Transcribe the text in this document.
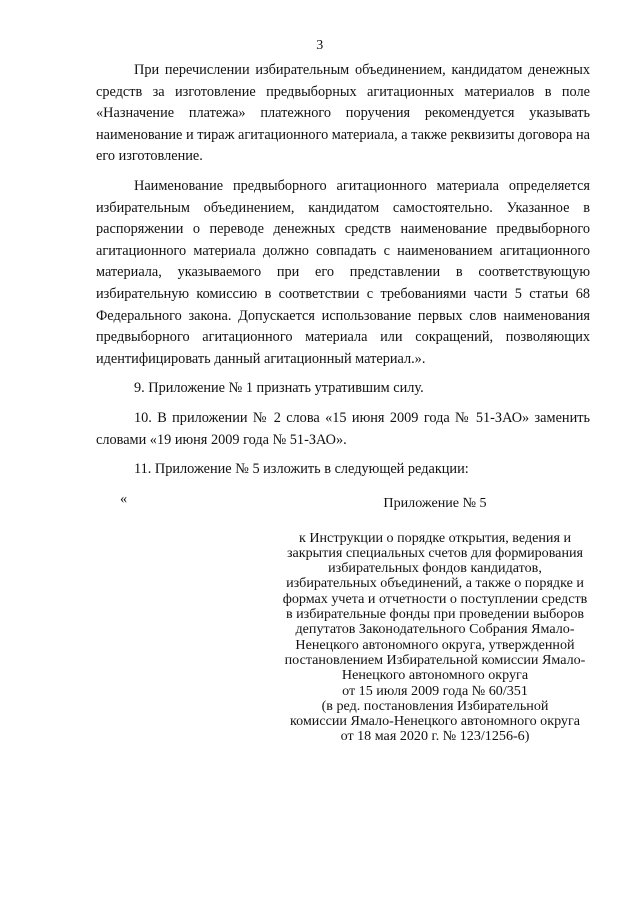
3

При перечислении избирательным объединением, кандидатом денежных средств за изготовление предвыборных агитационных материалов в поле «Назначение платежа» платежного поручения рекомендуется указывать наименование и тираж агитационного материала, а также реквизиты договора на его изготовление.

Наименование предвыборного агитационного материала определяется избирательным объединением, кандидатом самостоятельно. Указанное в распоряжении о переводе денежных средств наименование предвыборного агитационного материала должно совпадать с наименованием агитационного материала, указываемого при его представлении в соответствующую избирательную комиссию в соответствии с требованиями части 5 статьи 68 Федерального закона. Допускается использование первых слов наименования предвыборного агитационного материала или сокращений, позволяющих идентифицировать данный агитационный материал.».

9. Приложение № 1 признать утратившим силу.

10. В приложении № 2 слова «15 июня 2009 года № 51-ЗАО» заменить словами «19 июня 2009 года № 51-ЗАО».

11. Приложение № 5 изложить в следующей редакции:

«	Приложение № 5

к Инструкции о порядке открытия, ведения и
закрытия специальных счетов для формирования
избирательных фондов кандидатов,
избирательных объединений, а также о порядке и
формах учета и отчетности о поступлении средств
в избирательные фонды при проведении выборов
депутатов Законодательного Собрания Ямало-
Ненецкого автономного округа, утвержденной
постановлением Избирательной комиссии Ямало-
Ненецкого автономного округа
от 15 июля 2009 года № 60/351
(в ред. постановления Избирательной
комиссии Ямало-Ненецкого автономного округа
от 18 мая 2020 г. № 123/1256-6)
